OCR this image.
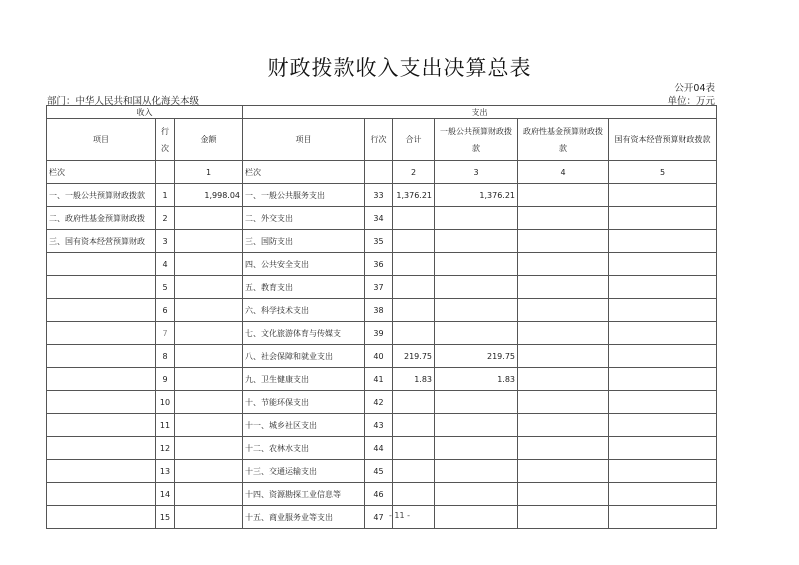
财政拨款收入支出决算总表
公开04表
部门：中华人民共和国从化海关本级	单位：万元
收入			支出					
项目	行次	金额	项目	行次	合计	一般公共预算财政拨款	政府性基金预算财政拨款	国有资本经营预算财政拨款
栏次		1	栏次		2	3	4	5
一、一般公共预算财政拨款	1	1,998.04	一、一般公共服务支出	33	1,376.21	1,376.21		
二、政府性基金预算财政拨	2		二、外交支出	34				
三、国有资本经营预算财政	3		三、国防支出	35				
	4		四、公共安全支出	36				
	5		五、教育支出	37				
	6		六、科学技术支出	38				
	7		七、文化旅游体育与传媒支	39				
	8		八、社会保障和就业支出	40	219.75	219.75		
	9		九、卫生健康支出	41	1.83	1.83		
	10		十、节能环保支出	42				
	11		十一、城乡社区支出	43				
	12		十二、农林水支出	44				
	13		十三、交通运输支出	45				
	14		十四、资源勘探工业信息等	46				
	15		十五、商业服务业等支出	47				- 11 -
